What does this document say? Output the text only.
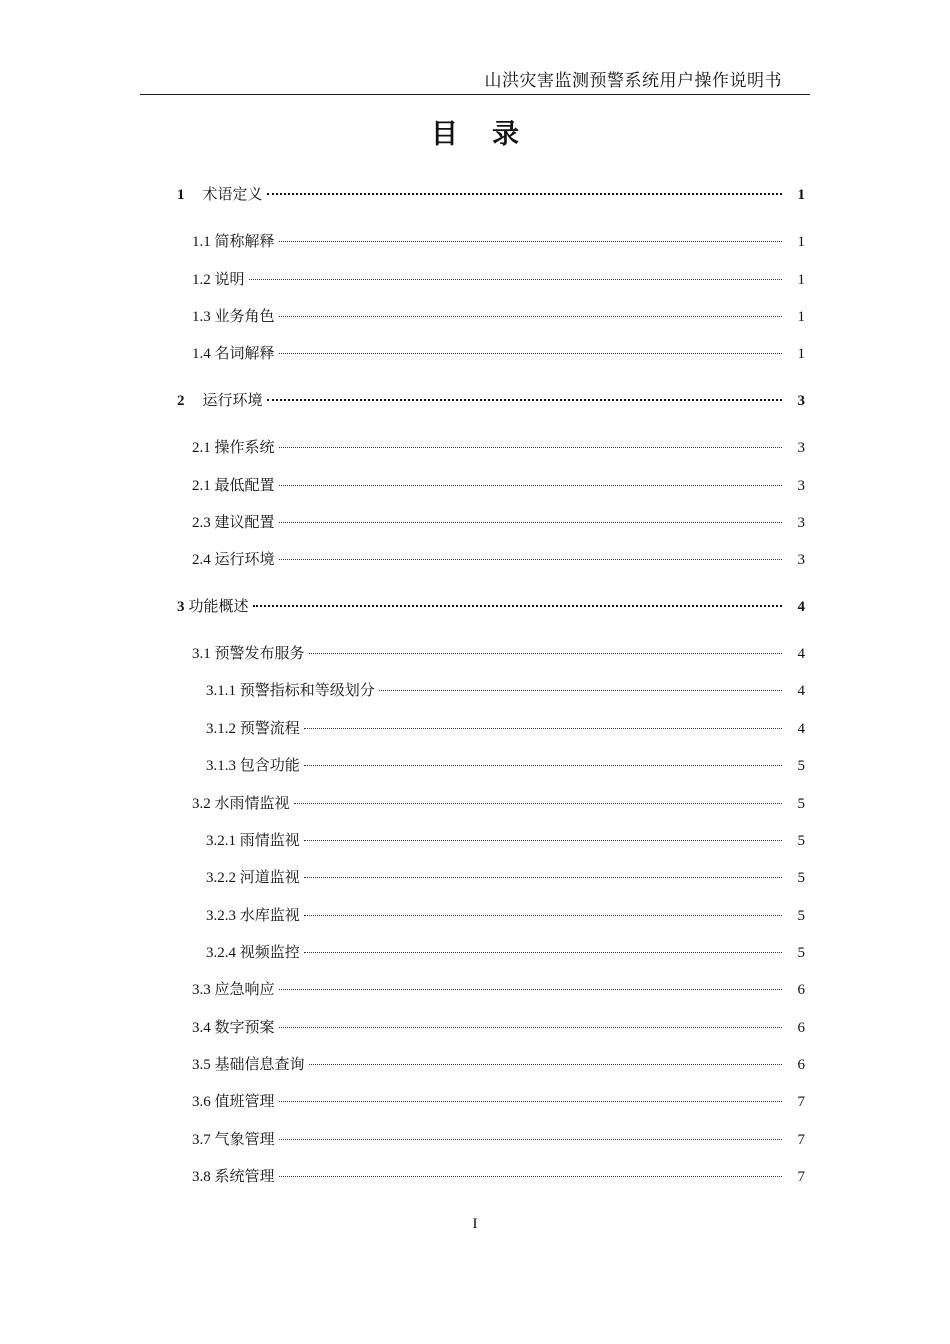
山洪灾害监测预警系统用户操作说明书
目录
1 术语定义	1
1.1 简称解释	1
1.2 说明	1
1.3 业务角色	1
1.4 名词解释	1
2 运行环境	3
2.1 操作系统	3
2.1 最低配置	3
2.3 建议配置	3
2.4 运行环境	3
3 功能概述	4
3.1 预警发布服务	4
3.1.1 预警指标和等级划分	4
3.1.2 预警流程	4
3.1.3 包含功能	5
3.2 水雨情监视	5
3.2.1 雨情监视	5
3.2.2 河道监视	5
3.2.3 水库监视	5
3.2.4 视频监控	5
3.3 应急响应	6
3.4 数字预案	6
3.5 基础信息查询	6
3.6 值班管理	7
3.7 气象管理	7
3.8 系统管理	7
I
